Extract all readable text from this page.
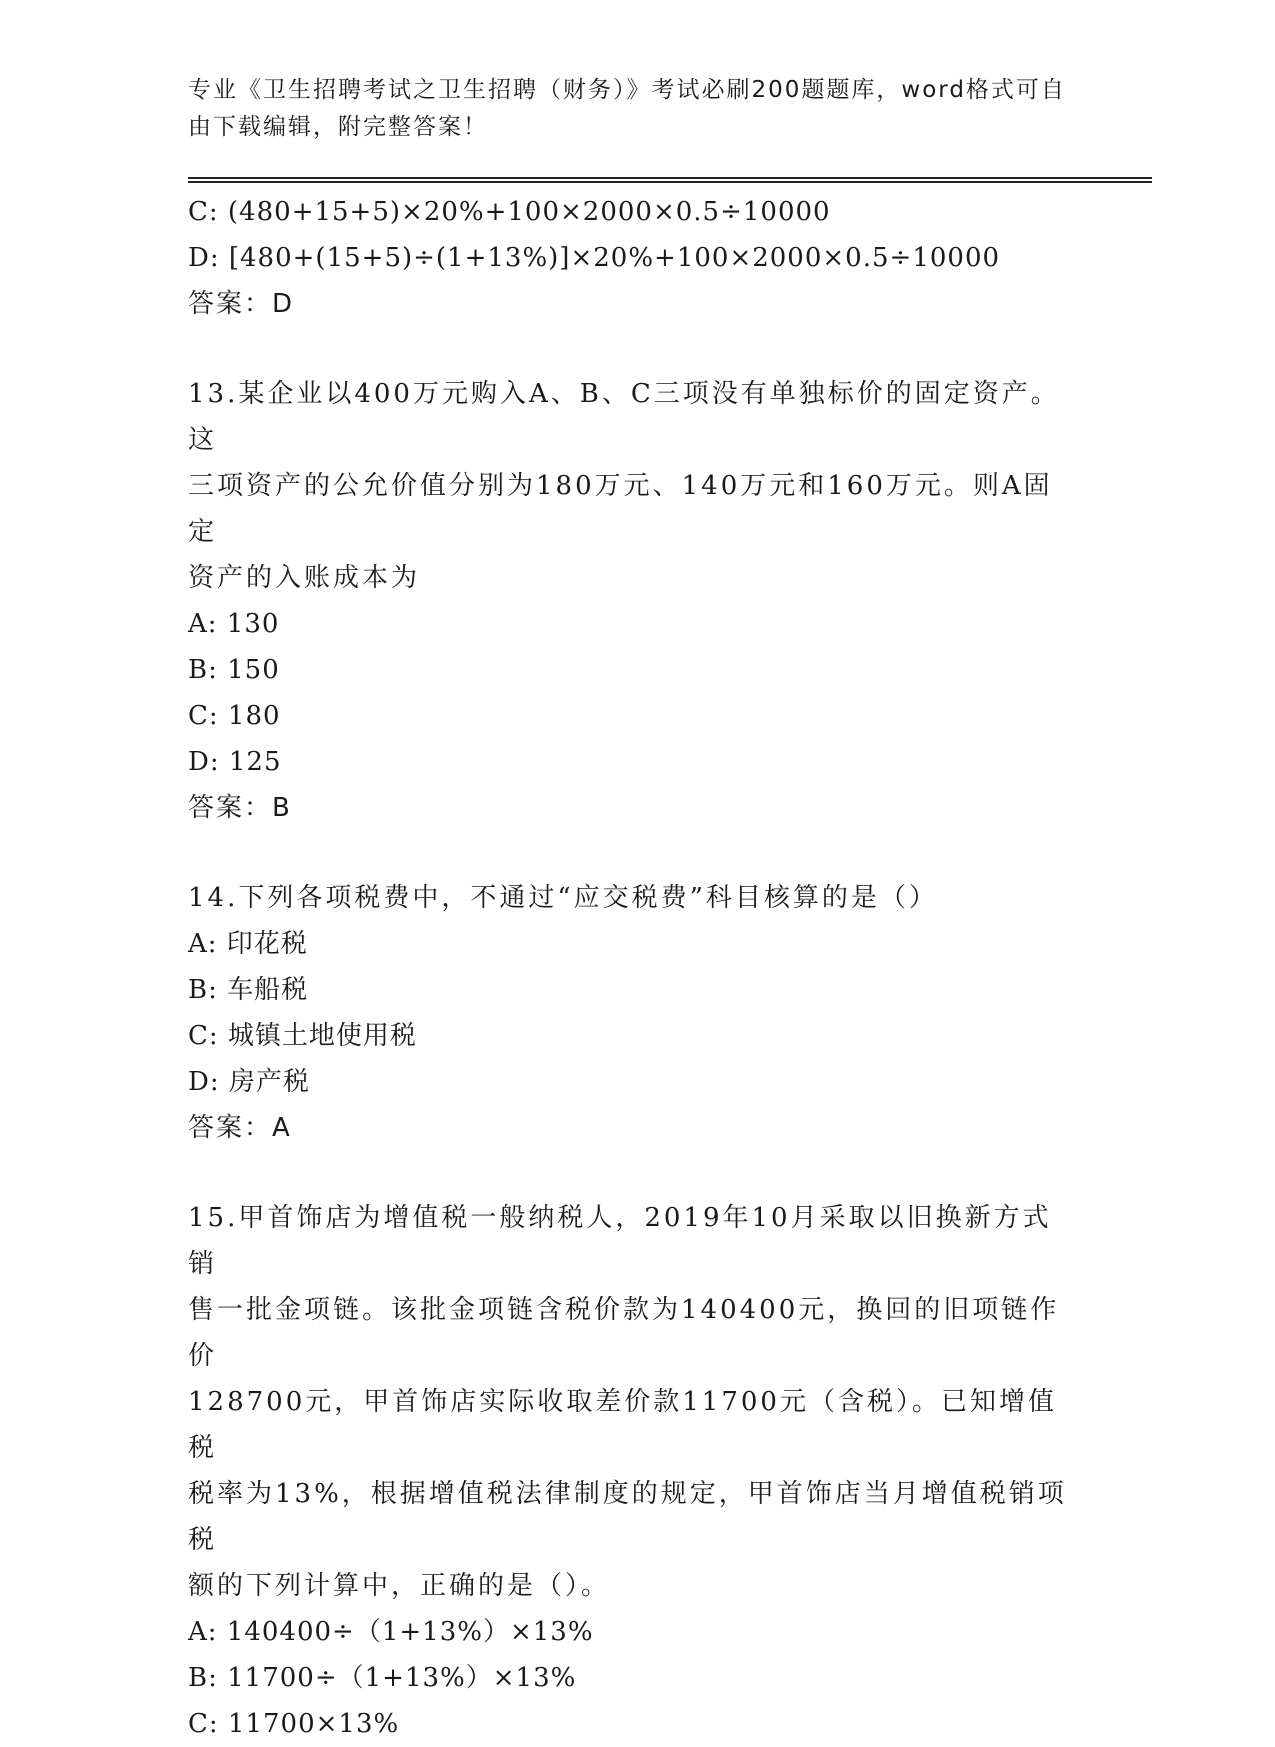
专业《卫生招聘考试之卫生招聘（财务）》考试必刷200题题库，word格式可自
由下载编辑，附完整答案！
C: (480+15+5)×20%+100×2000×0.5÷10000
D: [480+(15+5)÷(1+13%)]×20%+100×2000×0.5÷10000
答案：D
13.某企业以400万元购入A、B、C三项没有单独标价的固定资产。这
三项资产的公允价值分别为180万元、140万元和160万元。则A固定
资产的入账成本为
A: 130
B: 150
C: 180
D: 125
答案：B
14.下列各项税费中，不通过“应交税费”科目核算的是（）
A: 印花税
B: 车船税
C: 城镇土地使用税
D: 房产税
答案：A
15.甲首饰店为增值税一般纳税人，2019年10月采取以旧换新方式销
售一批金项链。该批金项链含税价款为140400元，换回的旧项链作价
128700元，甲首饰店实际收取差价款11700元（含税）。已知增值税
税率为13%，根据增值税法律制度的规定，甲首饰店当月增值税销项税
额的下列计算中，正确的是（）。
A: 140400÷（1+13%）×13%
B: 11700÷（1+13%）×13%
C: 11700×13%
